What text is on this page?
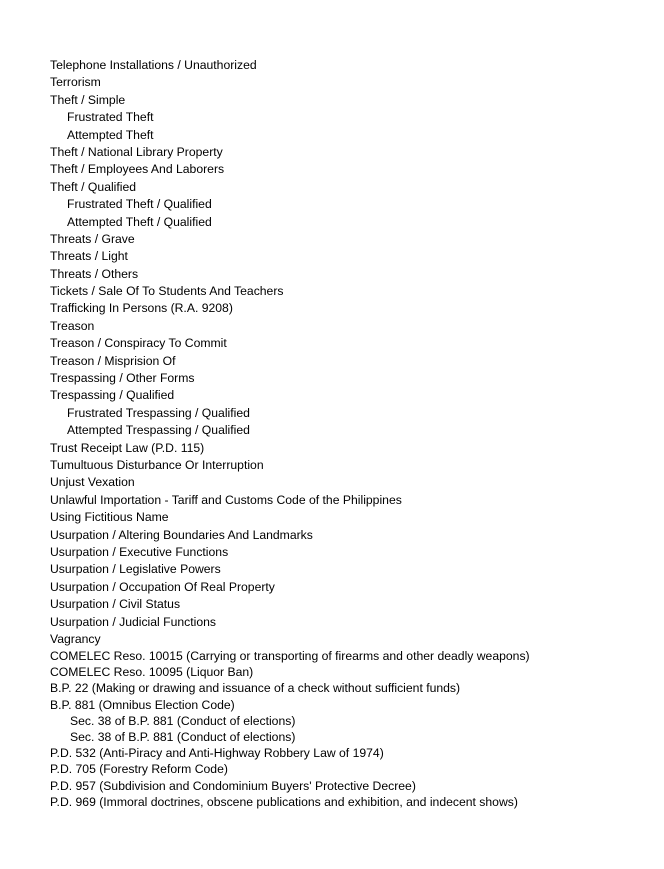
Telephone Installations / Unauthorized
Terrorism
Theft / Simple
Frustrated Theft
Attempted Theft
Theft / National Library Property
Theft / Employees And Laborers
Theft / Qualified
Frustrated Theft / Qualified
Attempted Theft / Qualified
Threats / Grave
Threats / Light
Threats / Others
Tickets / Sale Of To Students And Teachers
Trafficking In Persons (R.A. 9208)
Treason
Treason / Conspiracy To Commit
Treason / Misprision Of
Trespassing / Other Forms
Trespassing / Qualified
Frustrated Trespassing / Qualified
Attempted Trespassing / Qualified
Trust Receipt Law (P.D. 115)
Tumultuous Disturbance Or Interruption
Unjust Vexation
Unlawful Importation - Tariff and Customs Code of the Philippines
Using Fictitious Name
Usurpation / Altering Boundaries And Landmarks
Usurpation / Executive Functions
Usurpation / Legislative Powers
Usurpation / Occupation Of Real Property
Usurpation / Civil Status
Usurpation / Judicial Functions
Vagrancy
COMELEC Reso. 10015 (Carrying or transporting of firearms and other deadly weapons)
COMELEC Reso. 10095 (Liquor Ban)
B.P. 22 (Making or drawing and issuance of a check without sufficient funds)
B.P. 881 (Omnibus Election Code)
Sec. 38 of B.P. 881 (Conduct of elections)
Sec. 38 of B.P. 881 (Conduct of elections)
P.D. 532 (Anti-Piracy and Anti-Highway Robbery Law of 1974)
P.D. 705 (Forestry Reform Code)
P.D. 957 (Subdivision and Condominium Buyers' Protective Decree)
P.D. 969 (Immoral doctrines, obscene publications and exhibition, and indecent shows)
